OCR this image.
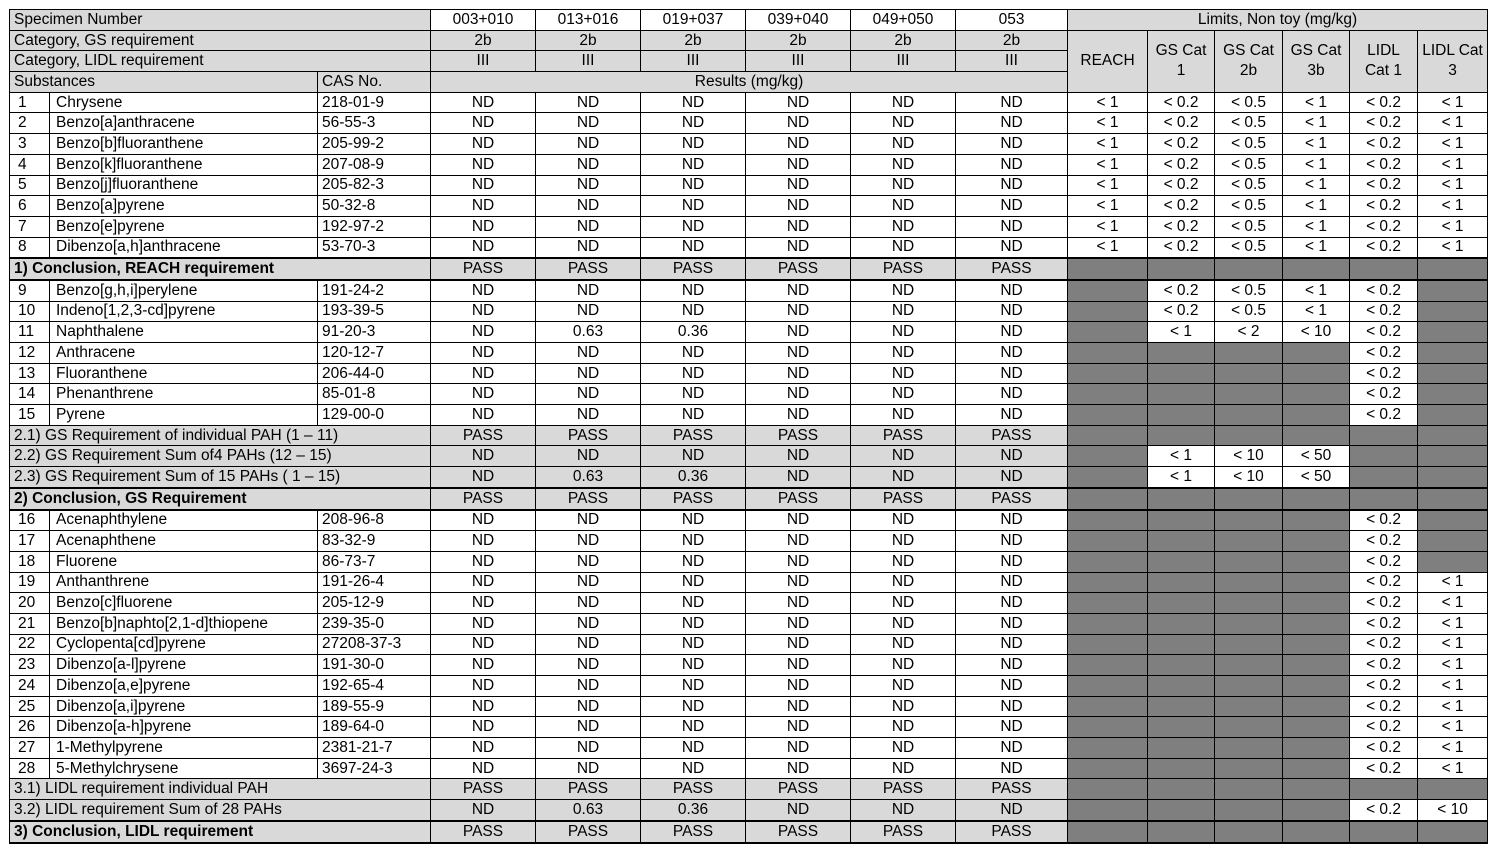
Specimen Number			003+010	013+016	019+037	039+040	049+050	053	Limits, Non toy (mg/kg)					
Category, GS requirement			2b	2b	2b	2b	2b	2b	REACH	GS Cat 1	GS Cat 2b	GS Cat 3b	LIDL Cat 1	LIDL Cat 3
Category, LIDL requirement			III	III	III	III	III	III						
Substances		CAS No.	Results (mg/kg)											
1	Chrysene	218-01-9	ND	ND	ND	ND	ND	ND	< 1	< 0.2	< 0.5	< 1	< 0.2	< 1
2	Benzo[a]anthracene	56-55-3	ND	ND	ND	ND	ND	ND	< 1	< 0.2	< 0.5	< 1	< 0.2	< 1
3	Benzo[b]fluoranthene	205-99-2	ND	ND	ND	ND	ND	ND	< 1	< 0.2	< 0.5	< 1	< 0.2	< 1
4	Benzo[k]fluoranthene	207-08-9	ND	ND	ND	ND	ND	ND	< 1	< 0.2	< 0.5	< 1	< 0.2	< 1
5	Benzo[j]fluoranthene	205-82-3	ND	ND	ND	ND	ND	ND	< 1	< 0.2	< 0.5	< 1	< 0.2	< 1
6	Benzo[a]pyrene	50-32-8	ND	ND	ND	ND	ND	ND	< 1	< 0.2	< 0.5	< 1	< 0.2	< 1
7	Benzo[e]pyrene	192-97-2	ND	ND	ND	ND	ND	ND	< 1	< 0.2	< 0.5	< 1	< 0.2	< 1
8	Dibenzo[a,h]anthracene	53-70-3	ND	ND	ND	ND	ND	ND	< 1	< 0.2	< 0.5	< 1	< 0.2	< 1
1) Conclusion, REACH requirement			PASS	PASS	PASS	PASS	PASS	PASS						
9	Benzo[g,h,i]perylene	191-24-2	ND	ND	ND	ND	ND	ND		< 0.2	< 0.5	< 1	< 0.2	
10	Indeno[1,2,3-cd]pyrene	193-39-5	ND	ND	ND	ND	ND	ND		< 0.2	< 0.5	< 1	< 0.2	
11	Naphthalene	91-20-3	ND	0.63	0.36	ND	ND	ND		< 1	< 2	< 10	< 0.2	
12	Anthracene	120-12-7	ND	ND	ND	ND	ND	ND					< 0.2	
13	Fluoranthene	206-44-0	ND	ND	ND	ND	ND	ND					< 0.2	
14	Phenanthrene	85-01-8	ND	ND	ND	ND	ND	ND					< 0.2	
15	Pyrene	129-00-0	ND	ND	ND	ND	ND	ND					< 0.2	
2.1) GS Requirement of individual PAH (1 – 11)			PASS	PASS	PASS	PASS	PASS	PASS						
2.2) GS Requirement Sum of4 PAHs (12 – 15)			ND	ND	ND	ND	ND	ND		< 1	< 10	< 50		
2.3) GS Requirement Sum of 15 PAHs ( 1 – 15)			ND	0.63	0.36	ND	ND	ND		< 1	< 10	< 50		
2) Conclusion, GS Requirement			PASS	PASS	PASS	PASS	PASS	PASS						
16	Acenaphthylene	208-96-8	ND	ND	ND	ND	ND	ND					< 0.2	
17	Acenaphthene	83-32-9	ND	ND	ND	ND	ND	ND					< 0.2	
18	Fluorene	86-73-7	ND	ND	ND	ND	ND	ND					< 0.2	
19	Anthanthrene	191-26-4	ND	ND	ND	ND	ND	ND					< 0.2	< 1
20	Benzo[c]fluorene	205-12-9	ND	ND	ND	ND	ND	ND					< 0.2	< 1
21	Benzo[b]naphto[2,1-d]thiopene	239-35-0	ND	ND	ND	ND	ND	ND					< 0.2	< 1
22	Cyclopenta[cd]pyrene	27208-37-3	ND	ND	ND	ND	ND	ND					< 0.2	< 1
23	Dibenzo[a-l]pyrene	191-30-0	ND	ND	ND	ND	ND	ND					< 0.2	< 1
24	Dibenzo[a,e]pyrene	192-65-4	ND	ND	ND	ND	ND	ND					< 0.2	< 1
25	Dibenzo[a,i]pyrene	189-55-9	ND	ND	ND	ND	ND	ND					< 0.2	< 1
26	Dibenzo[a-h]pyrene	189-64-0	ND	ND	ND	ND	ND	ND					< 0.2	< 1
27	1-Methylpyrene	2381-21-7	ND	ND	ND	ND	ND	ND					< 0.2	< 1
28	5-Methylchrysene	3697-24-3	ND	ND	ND	ND	ND	ND					< 0.2	< 1
3.1) LIDL requirement individual PAH			PASS	PASS	PASS	PASS	PASS	PASS						
3.2) LIDL requirement Sum of 28 PAHs			ND	0.63	0.36	ND	ND	ND					< 0.2	< 10
3) Conclusion, LIDL requirement			PASS	PASS	PASS	PASS	PASS	PASS						
